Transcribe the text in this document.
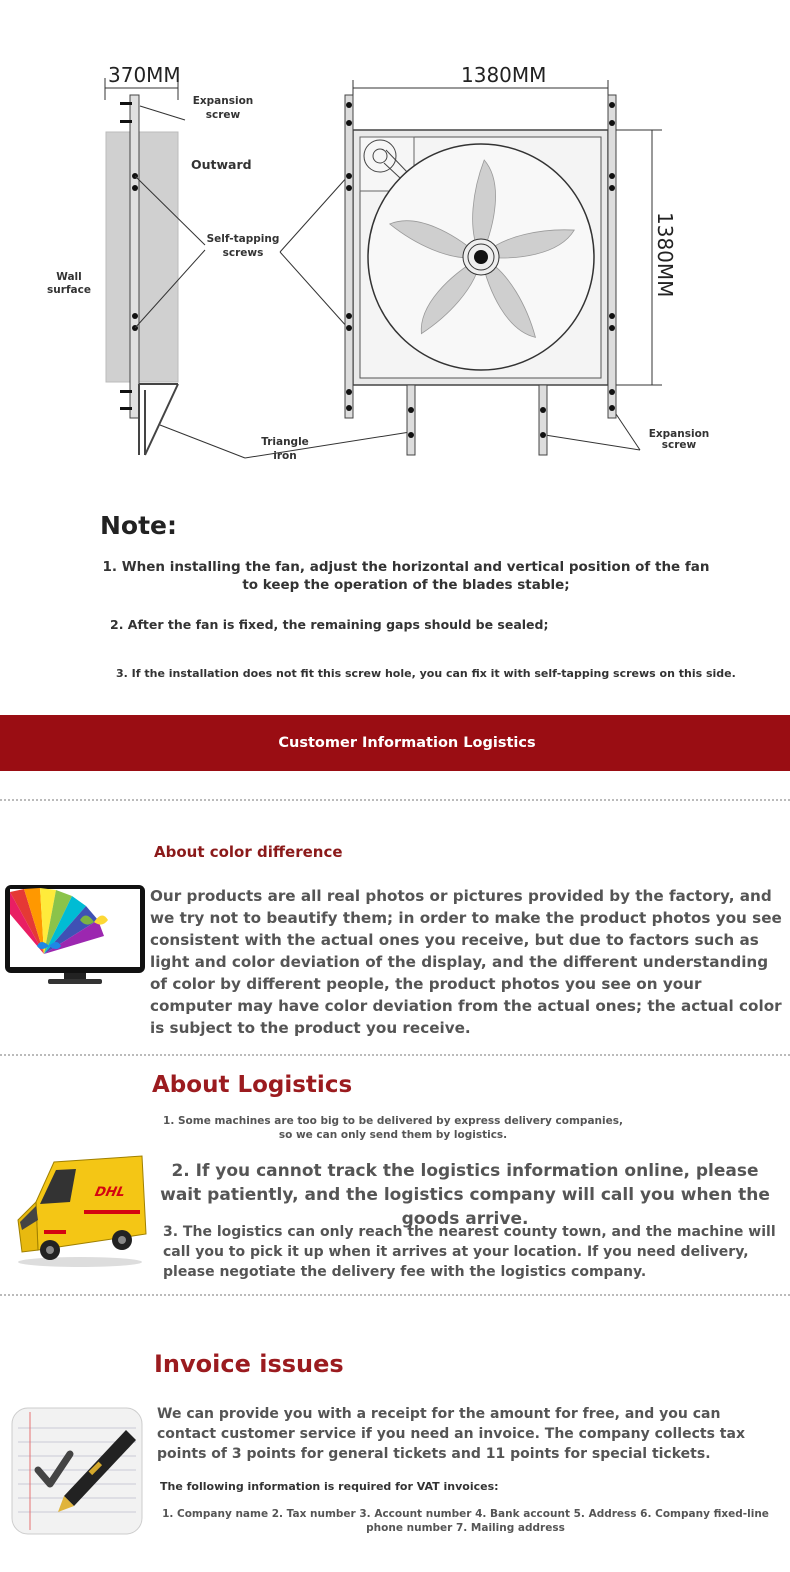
370MM
Expansion screw
Outward
Self-tapping screws
Wall surface
Triangle iron
Expansion screw
1380MM
1380MM
Note:
1. When installing the fan, adjust the horizontal and vertical position of the fan to keep the operation of the blades stable;
2. After the fan is fixed, the remaining gaps should be sealed;
3. If the installation does not fit this screw hole, you can fix it with self-tapping screws on this side.
Customer Information Logistics
About color difference
Our products are all real photos or pictures provided by the factory, and we try not to beautify them; in order to make the product photos you see consistent with the actual ones you receive, but due to factors such as light and color deviation of the display, and the different understanding of color by different people, the product photos you see on your computer may have color deviation from the actual ones; the actual color is subject to the product you receive.
About Logistics
1. Some machines are too big to be delivered by express delivery companies, so we can only send them by logistics.
DHL
2. If you cannot track the logistics information online, please wait patiently, and the logistics company will call you when the goods arrive.
3. The logistics can only reach the nearest county town, and the machine will call you to pick it up when it arrives at your location. If you need delivery, please negotiate the delivery fee with the logistics company.
Invoice issues
We can provide you with a receipt for the amount for free, and you can contact customer service if you need an invoice. The company collects tax points of 3 points for general tickets and 11 points for special tickets.
The following information is required for VAT invoices:
1. Company name 2. Tax number 3. Account number 4. Bank account 5. Address 6. Company fixed-line phone number 7. Mailing address
